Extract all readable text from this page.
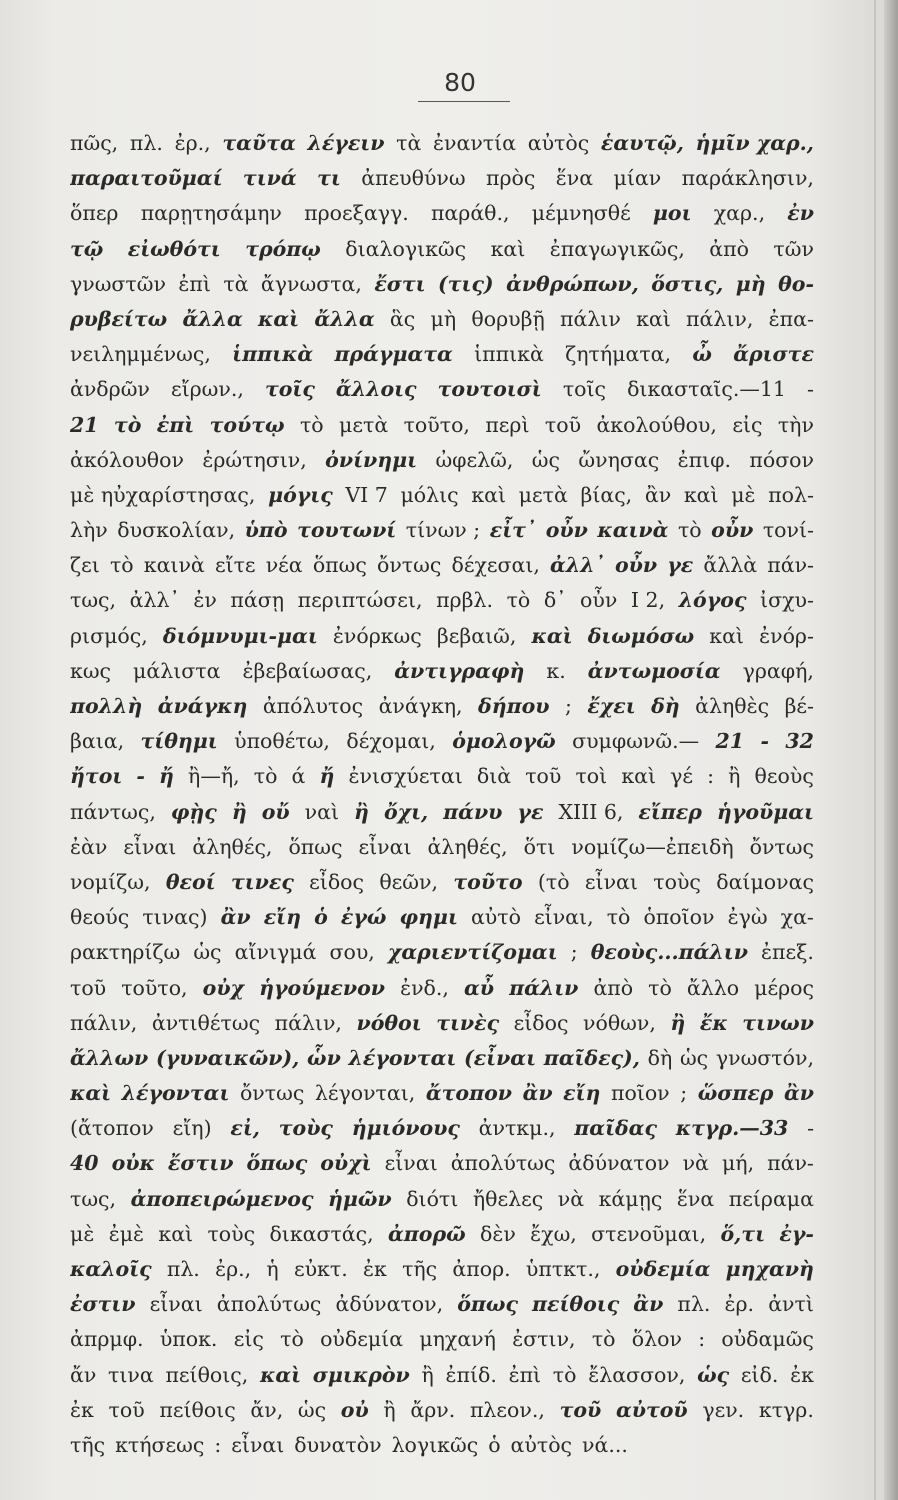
80
πῶς, πλ. ἐρ., ταῦτα λέγειν τὰ ἐναντία αὐτὸς ἑαυτῷ, ἡμῖν χαρ.,
παραιτοῦμαί τινά τι ἀπευθύνω πρὸς ἕνα μίαν παράκλησιν,
ὅπερ παρῃτησάμην προεξαγγ. παράθ., μέμνησθέ μοι χαρ., ἐν
τῷ εἰωθότι τρόπῳ διαλογικῶς καὶ ἐπαγωγικῶς, ἀπὸ τῶν
γνωστῶν ἐπὶ τὰ ἄγνωστα, ἔστι (τις) ἀνθρώπων, ὅστις, μὴ θο-
ρυβείτω ἄλλα καὶ ἄλλα ἃς μὴ θορυβῇ πάλιν καὶ πάλιν, ἐπα-
νειλημμένως, ἱππικὰ πράγματα ἱππικὰ ζητήματα, ὦ ἄριστε
ἀνδρῶν εἴρων., τοῖς ἄλλοις τουτοισὶ τοῖς δικασταῖς.—11 -
21 τὸ ἐπὶ τούτῳ τὸ μετὰ τοῦτο, περὶ τοῦ ἀκολούθου, εἰς τὴν
ἀκόλουθον ἐρώτησιν, ὀνίνημι ὠφελῶ, ὡς ὤνησας ἐπιφ. πόσον
μὲ ηὐχαρίστησας, μόγις VI 7 μόλις καὶ μετὰ βίας, ἂν καὶ μὲ πολ-
λὴν δυσκολίαν, ὑπὸ τουτωνί τίνων ; εἶτ᾽ οὖν καινὰ τὸ οὖν τονί-
ζει τὸ καινὰ εἴτε νέα ὅπως ὄντως δέχεσαι, ἀλλ᾽ οὖν γε ἄλλὰ πάν-
τως, ἀλλ᾽ ἐν πάσῃ περιπτώσει, πρβλ. τὸ δ᾽ οὖν I 2, λόγος ἰσχυ-
ρισμός, διόμνυμι-μαι ἐνόρκως βεβαιῶ, καὶ διωμόσω καὶ ἐνόρ-
κως μάλιστα ἐβεβαίωσας, ἀντιγραφὴ κ. ἀντωμοσία γραφή,
πολλὴ ἀνάγκη ἀπόλυτος ἀνάγκη, δήπου ; ἔχει δὴ ἀληθὲς βέ-
βαια, τίθημι ὑποθέτω, δέχομαι, ὁμολογῶ συμφωνῶ.— 21 - 32
ἤτοι - ἤ ἢ—ἤ, τὸ ά ἤ ἐνισχύεται διὰ τοῦ τοὶ καὶ γέ : ἢ θεοὺς
πάντως, φῂς ἢ οὔ ναὶ ἢ ὄχι, πάνυ γε XIII 6, εἴπερ ἡγοῦμαι
ἐὰν εἶναι ἀληθές, ὅπως εἶναι ἀληθές, ὅτι νομίζω—ἐπειδὴ ὄντως
νομίζω, θεοί τινες εἶδος θεῶν, τοῦτο (τὸ εἶναι τοὺς δαίμονας
θεούς τινας) ἂν εἴη ὁ ἐγώ φημι αὐτὸ εἶναι, τὸ ὁποῖον ἐγὼ χα-
ρακτηρίζω ὡς αἴνιγμά σου, χαριεντίζομαι ; θεοὺς...πάλιν ἐπεξ.
τοῦ τοῦτο, οὐχ ἡγούμενον ἐνδ., αὖ πάλιν ἀπὸ τὸ ἄλλο μέρος
πάλιν, ἀντιθέτως πάλιν, νόθοι τινὲς εἶδος νόθων, ἢ ἔκ τινων
ἄλλων (γυναικῶν), ὧν λέγονται (εἶναι παῖδες), δὴ ὡς γνωστόν,
καὶ λέγονται ὄντως λέγονται, ἄτοπον ἂν εἴη ποῖον ; ὥσπερ ἂν
(ἄτοπον εἴη) εἰ, τοὺς ἡμιόνους ἀντκμ., παῖδας κτγρ.—33 -
40 οὐκ ἔστιν ὅπως οὐχὶ εἶναι ἀπολύτως ἀδύνατον νὰ μή, πάν-
τως, ἀποπειρώμενος ἡμῶν διότι ἤθελες νὰ κάμῃς ἕνα πείραμα
μὲ ἐμὲ καὶ τοὺς δικαστάς, ἀπορῶ δὲν ἔχω, στενοῦμαι, ὅ,τι ἐγ-
καλοῖς πλ. ἐρ., ἡ εὐκτ. ἐκ τῆς ἀπορ. ὑπτκτ., οὐδεμία μηχανὴ
ἐστιν εἶναι ἀπολύτως ἀδύνατον, ὅπως πείθοις ἂν πλ. ἐρ. ἀντὶ
ἀπρμφ. ὑποκ. εἰς τὸ οὐδεμία μηχανή ἐστιν, τὸ ὅλον : οὐδαμῶς
ἄν τινα πείθοις, καὶ σμικρὸν ἢ ἐπίδ. ἐπὶ τὸ ἔλασσον, ὡς εἰδ. ἐκ
ἐκ τοῦ πείθοις ἄν, ὡς οὐ ἢ ἄρν. πλεον., τοῦ αὐτοῦ γεν. κτγρ.
τῆς κτήσεως : εἶναι δυνατὸν λογικῶς ὁ αὐτὸς νά...
